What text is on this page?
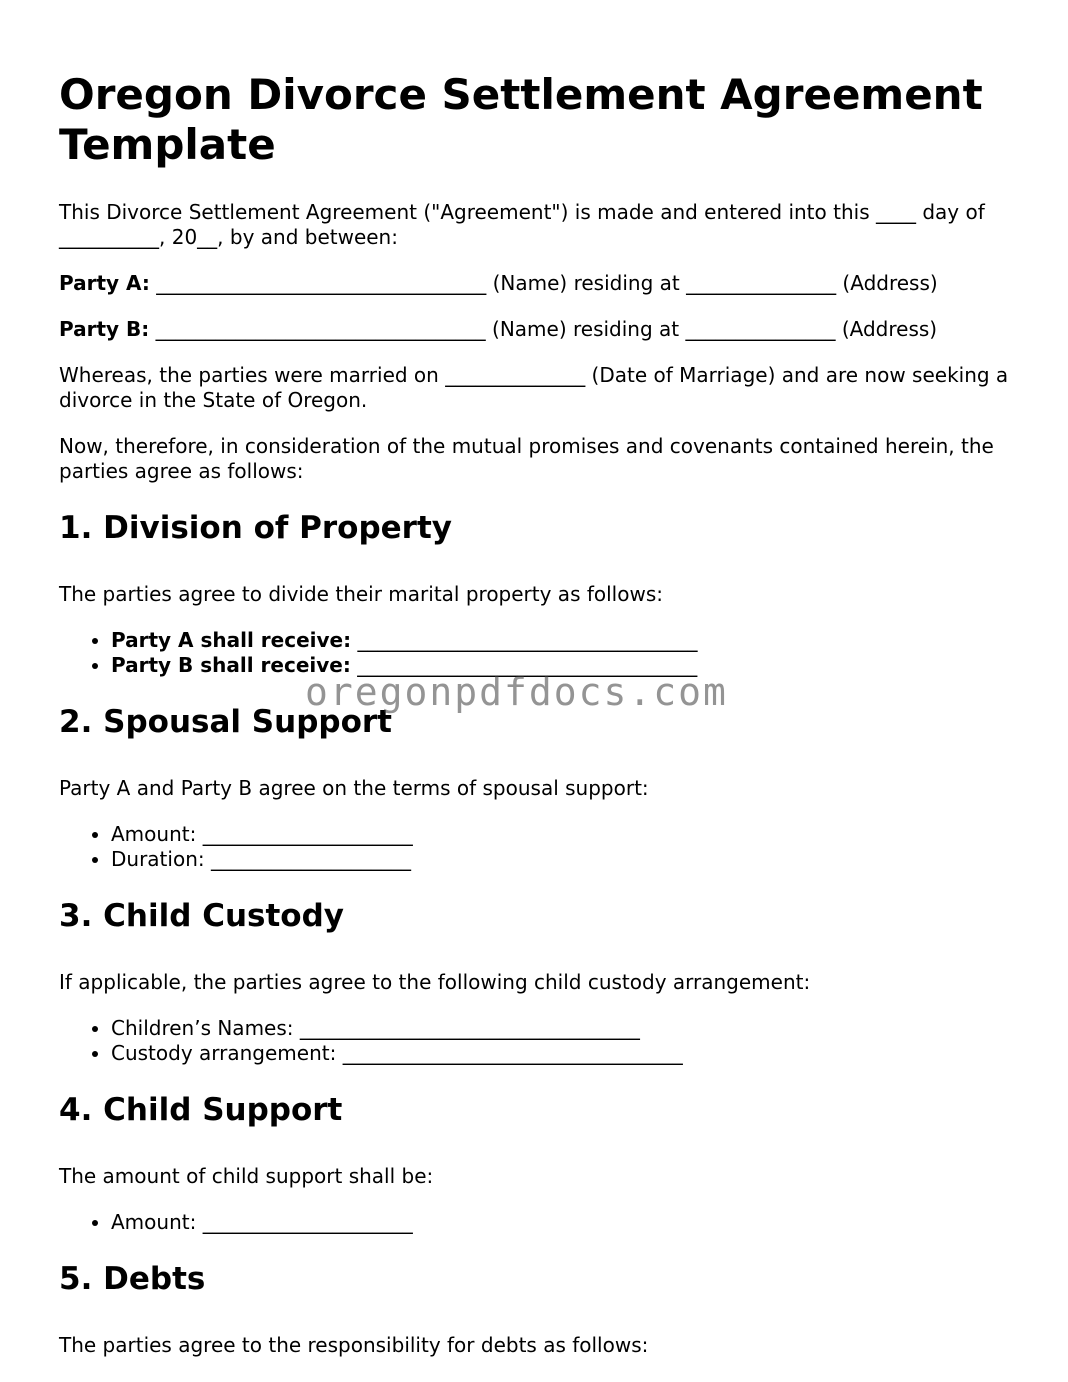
Oregon Divorce Settlement Agreement Template

This Divorce Settlement Agreement ("Agreement") is made and entered into this ____ day of __________, 20__, by and between:

Party A: _________________________________ (Name) residing at _______________ (Address)
Party B: _________________________________ (Name) residing at _______________ (Address)

Whereas, the parties were married on ______________ (Date of Marriage) and are now seeking a divorce in the State of Oregon.

Now, therefore, in consideration of the mutual promises and covenants contained herein, the parties agree as follows:

1. Division of Property

The parties agree to divide their marital property as follows:

• Party A shall receive: __________________________________
• Party B shall receive: __________________________________
2. Spousal Support

Party A and Party B agree on the terms of spousal support:

• Amount: _____________________
• Duration: ____________________
3. Child Custody

If applicable, the parties agree to the following child custody arrangement:

• Children’s Names: __________________________________
• Custody arrangement: __________________________________
4. Child Support

The amount of child support shall be:

• Amount: _____________________
5. Debts

The parties agree to the responsibility for debts as follows:

oregonpdfdocs.com
